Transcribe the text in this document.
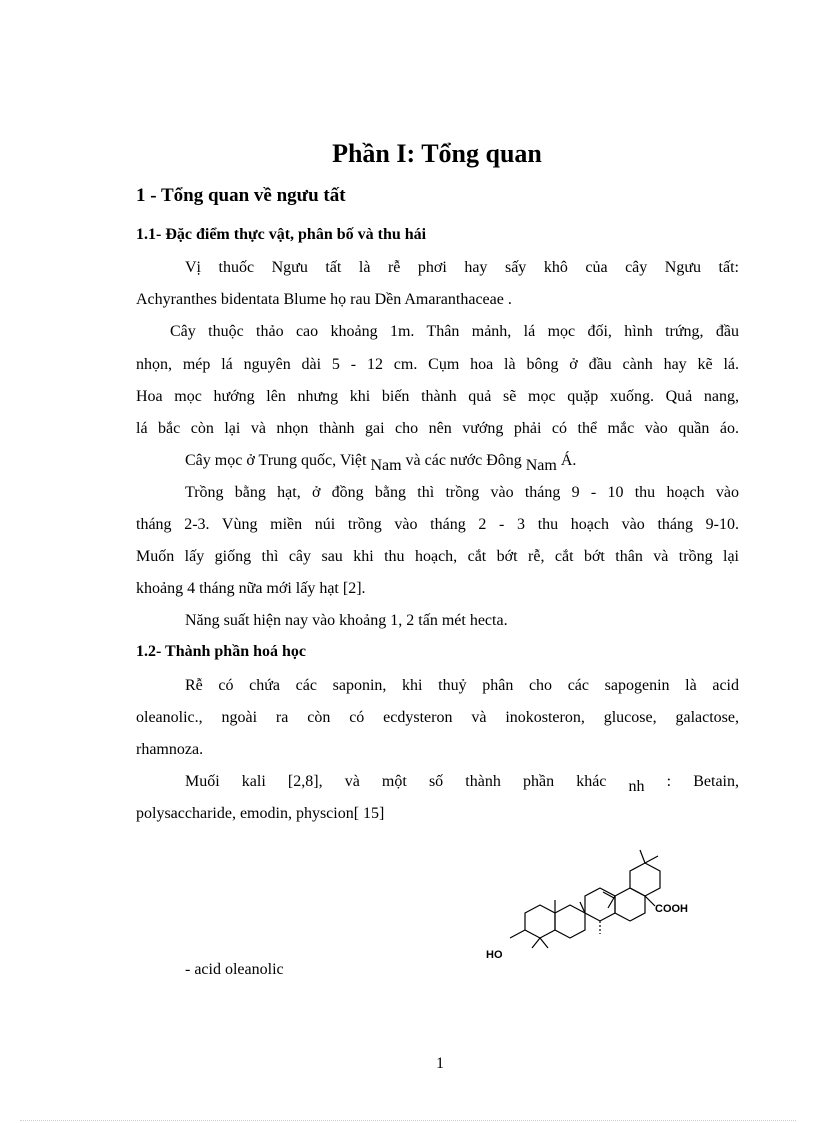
Phần I: Tổng quan
1 - Tổng quan về ngưu tất
1.1- Đặc điểm thực vật, phân bố và thu hái
Vị thuốc Ngưu tất là rễ phơi hay sấy khô của cây Ngưu tất:
Achyranthes bidentata Blume họ rau Dền Amaranthaceae .
Cây thuộc thảo cao khoảng 1m. Thân mảnh, lá mọc đối, hình trứng, đầu
nhọn, mép lá nguyên dài 5 - 12 cm. Cụm hoa là bông ở đầu cành hay kẽ lá.
Hoa mọc hướng lên nhưng khi biến thành quả sẽ mọc quặp xuống. Quả nang,
lá bắc còn lại và nhọn thành gai cho nên vướng phải có thể mắc vào quần áo.
Cây mọc ở Trung quốc, Việt Nam và các nước Đông Nam Á.
Trồng bằng hạt, ở đồng bằng thì trồng vào tháng 9 - 10 thu hoạch vào
tháng 2-3. Vùng miền núi trồng vào tháng 2 - 3 thu hoạch vào tháng 9-10.
Muốn lấy giống thì cây sau khi thu hoạch, cắt bớt rễ, cắt bớt thân và trồng lại
khoảng 4 tháng nữa mới lấy hạt [2].
Năng suất hiện nay vào khoảng 1, 2 tấn mét hecta.
1.2- Thành phần hoá học
Rễ có chứa các saponin, khi thuỷ phân cho các sapogenin là acid
oleanolic., ngoài ra còn có ecdysteron và inokosteron, glucose, galactose,
rhamnoza.
Muối kali [2,8], và một số thành phần khác nh : Betain,
polysaccharide, emodin, physcion[ 15]
- acid oleanolic
COOH
HO
1
